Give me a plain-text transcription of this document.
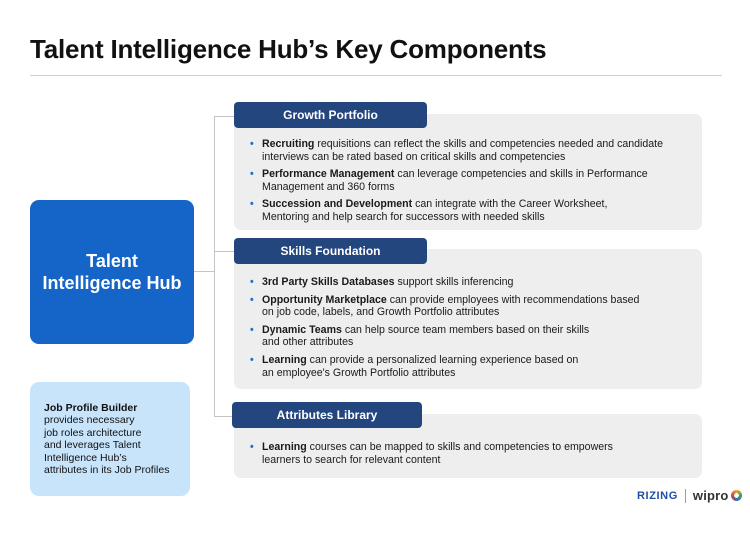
Talent Intelligence Hub’s Key Components
Talent Intelligence Hub
Job Profile Builder
provides necessary
job roles architecture
and leverages Talent
Intelligence Hub’s
attributes in its Job Profiles
Growth Portfolio
• Recruiting requisitions can reflect the skills and competencies needed and candidate
interviews can be rated based on critical skills and competencies
• Performance Management can leverage competencies and skills in Performance
Management and 360 forms
• Succession and Development can integrate with the Career Worksheet,
Mentoring and help search for successors with needed skills
Skills Foundation
• 3rd Party Skills Databases support skills inferencing
• Opportunity Marketplace can provide employees with recommendations based
on job code, labels, and Growth Portfolio attributes
• Dynamic Teams can help source team members based on their skills
and other attributes
• Learning can provide a personalized learning experience based on
an employee's Growth Portfolio attributes
Attributes Library
• Learning courses can be mapped to skills and competencies to empowers
learners to search for relevant content
RIZING wipro
